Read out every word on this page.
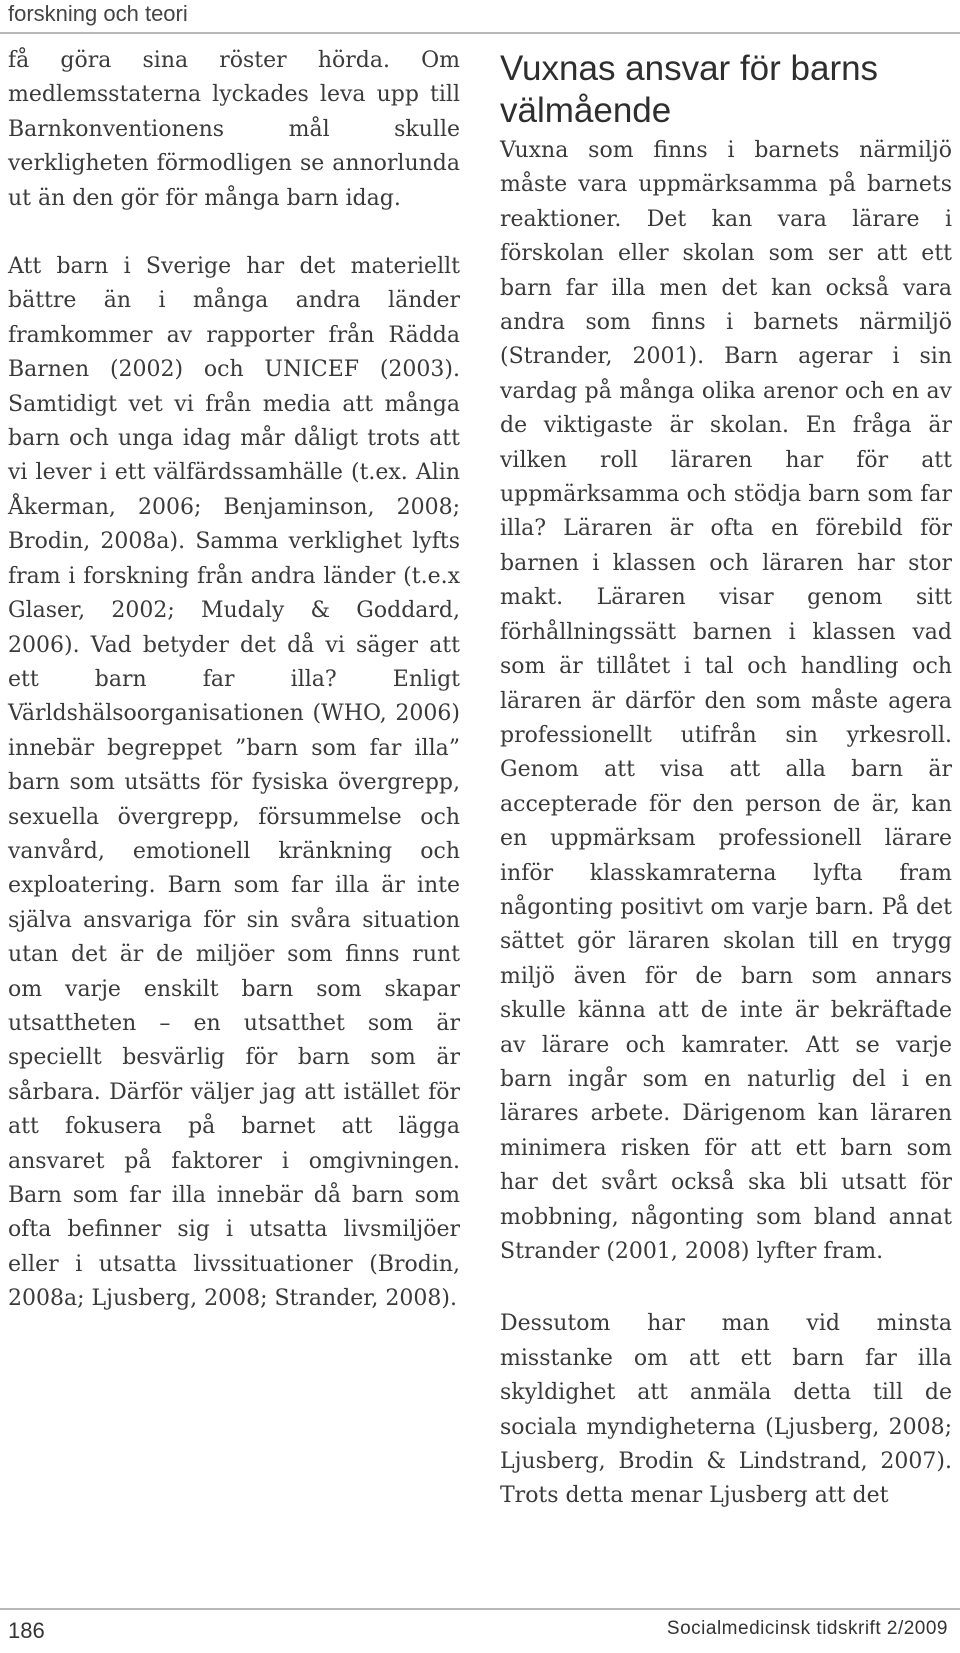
forskning och teori

få göra sina röster hörda. Om medlemsstaterna lyckades leva upp till Barnkonventionens mål skulle verkligheten förmodligen se annorlunda ut än den gör för många barn idag.

Att barn i Sverige har det materiellt bättre än i många andra länder framkommer av rapporter från Rädda Barnen (2002) och UNICEF (2003). Samtidigt vet vi från media att många barn och unga idag mår dåligt trots att vi lever i ett välfärdssamhälle (t.ex. Alin Åkerman, 2006; Benjaminson, 2008; Brodin, 2008a). Samma verklighet lyfts fram i forskning från andra länder (t.e.x Glaser, 2002; Mudaly & Goddard, 2006). Vad betyder det då vi säger att ett barn far illa? Enligt Världshälsoorganisationen (WHO, 2006) innebär begreppet ”barn som far illa” barn som utsätts för fysiska övergrepp, sexuella övergrepp, försummelse och vanvård, emotionell kränkning och exploatering. Barn som far illa är inte själva ansvariga för sin svåra situation utan det är de miljöer som finns runt om varje enskilt barn som skapar utsattheten – en utsatthet som är speciellt besvärlig för barn som är sårbara. Därför väljer jag att istället för att fokusera på barnet att lägga ansvaret på faktorer i omgivningen. Barn som far illa innebär då barn som ofta befinner sig i utsatta livsmiljöer eller i utsatta livssituationer (Brodin, 2008a; Ljusberg, 2008; Strander, 2008).

Vuxnas ansvar för barns välmående

Vuxna som finns i barnets närmiljö måste vara uppmärksamma på barnets reaktioner. Det kan vara lärare i förskolan eller skolan som ser att ett barn far illa men det kan också vara andra som finns i barnets närmiljö (Strander, 2001). Barn agerar i sin vardag på många olika arenor och en av de viktigaste är skolan. En fråga är vilken roll läraren har för att uppmärksamma och stödja barn som far illa? Läraren är ofta en förebild för barnen i klassen och läraren har stor makt. Läraren visar genom sitt förhållningssätt barnen i klassen vad som är tillåtet i tal och handling och läraren är därför den som måste agera professionellt utifrån sin yrkesroll. Genom att visa att alla barn är accepterade för den person de är, kan en uppmärksam professionell lärare inför klasskamraterna lyfta fram någonting positivt om varje barn. På det sättet gör läraren skolan till en trygg miljö även för de barn som annars skulle känna att de inte är bekräftade av lärare och kamrater. Att se varje barn ingår som en naturlig del i en lärares arbete. Därigenom kan läraren minimera risken för att ett barn som har det svårt också ska bli utsatt för mobbning, någonting som bland annat Strander (2001, 2008) lyfter fram.

Dessutom har man vid minsta misstanke om att ett barn far illa skyldighet att anmäla detta till de sociala myndigheterna (Ljusberg, 2008; Ljusberg, Brodin & Lindstrand, 2007). Trots detta menar Ljusberg att det

186	Socialmedicinsk tidskrift 2/2009
